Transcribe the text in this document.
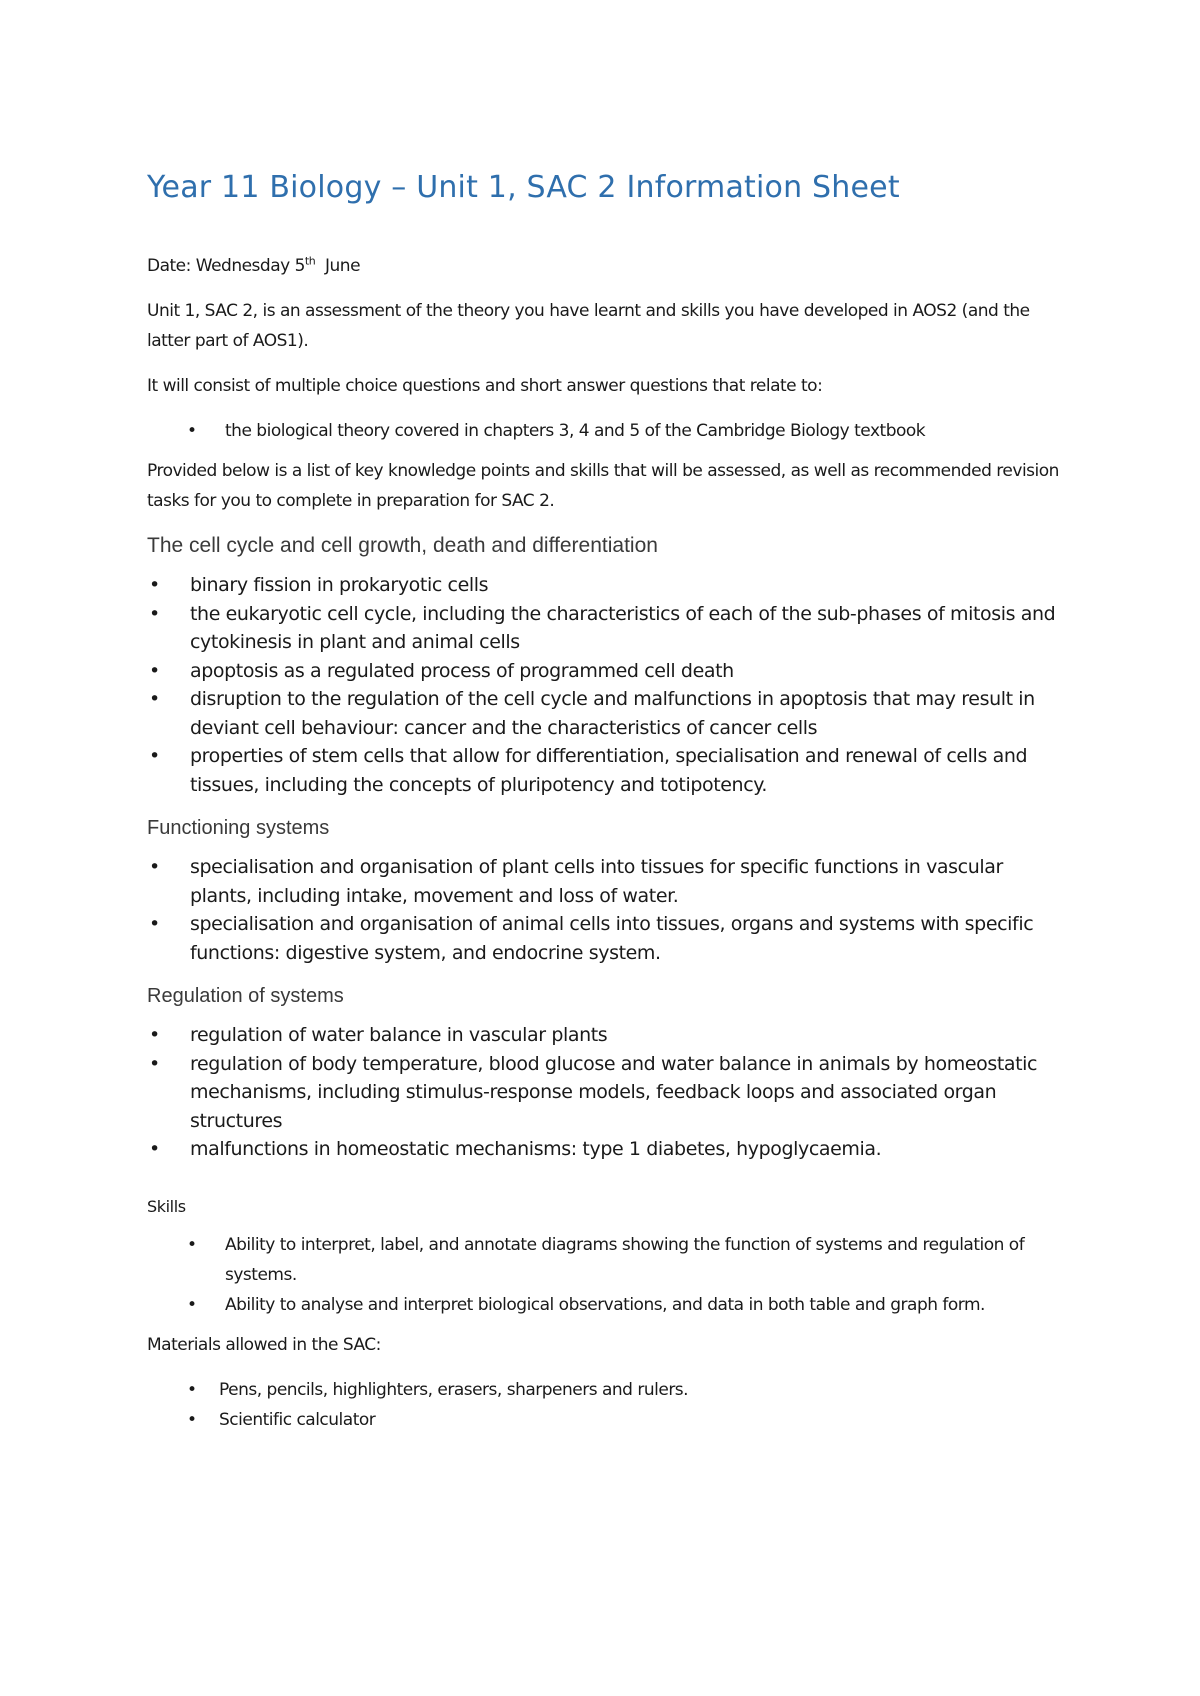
Year 11 Biology – Unit 1, SAC 2 Information Sheet

Date: Wednesday 5th  June

Unit 1, SAC 2, is an assessment of the theory you have learnt and skills you have developed in AOS2 (and the latter part of AOS1).

It will consist of multiple choice questions and short answer questions that relate to:

• the biological theory covered in chapters 3, 4 and 5 of the Cambridge Biology textbook

Provided below is a list of key knowledge points and skills that will be assessed, as well as recommended revision tasks for you to complete in preparation for SAC 2.

The cell cycle and cell growth, death and differentiation
• binary fission in prokaryotic cells
• the eukaryotic cell cycle, including the characteristics of each of the sub-phases of mitosis and cytokinesis in plant and animal cells
• apoptosis as a regulated process of programmed cell death
• disruption to the regulation of the cell cycle and malfunctions in apoptosis that may result in deviant cell behaviour: cancer and the characteristics of cancer cells
• properties of stem cells that allow for differentiation, specialisation and renewal of cells and tissues, including the concepts of pluripotency and totipotency.
Functioning systems
• specialisation and organisation of plant cells into tissues for specific functions in vascular plants, including intake, movement and loss of water.
• specialisation and organisation of animal cells into tissues, organs and systems with specific functions: digestive system, and endocrine system.
Regulation of systems
• regulation of water balance in vascular plants
• regulation of body temperature, blood glucose and water balance in animals by homeostatic mechanisms, including stimulus-response models, feedback loops and associated organ structures
• malfunctions in homeostatic mechanisms: type 1 diabetes, hypoglycaemia.

Skills

• Ability to interpret, label, and annotate diagrams showing the function of systems and regulation of systems.
• Ability to analyse and interpret biological observations, and data in both table and graph form.

Materials allowed in the SAC:

• Pens, pencils, highlighters, erasers, sharpeners and rulers.
• Scientific calculator
